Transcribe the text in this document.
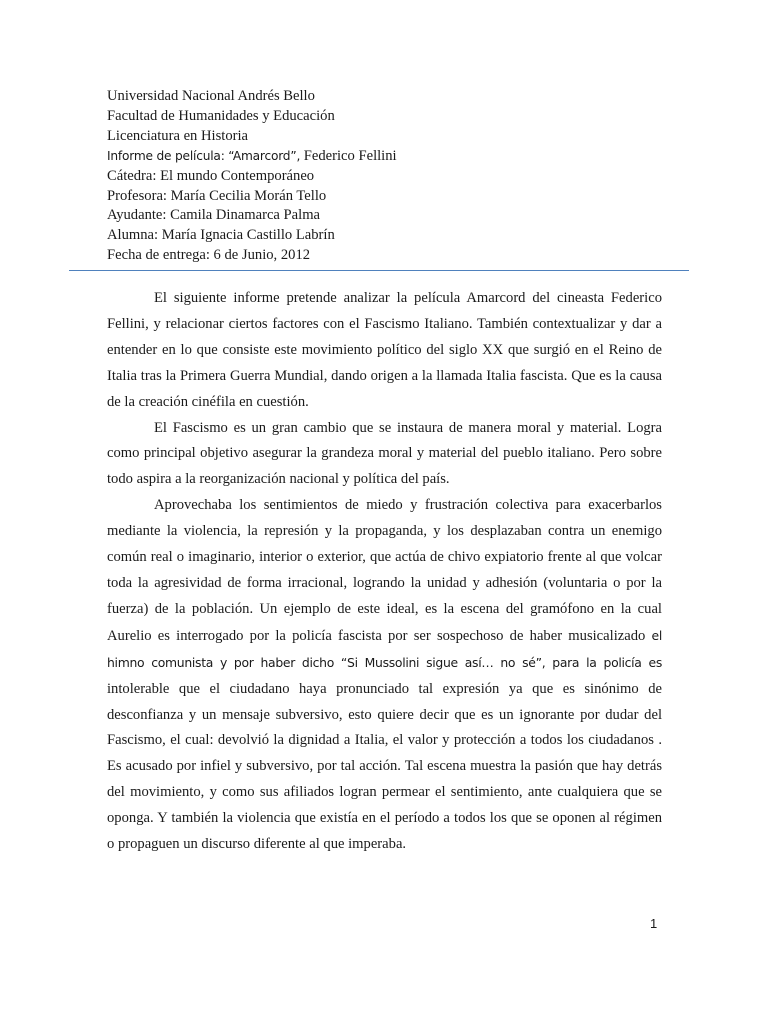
Universidad Nacional Andrés Bello
Facultad de Humanidades y Educación
Licenciatura en Historia
Informe de película: “Amarcord”, Federico Fellini
Cátedra: El mundo Contemporáneo
Profesora: María Cecilia Morán Tello
Ayudante: Camila Dinamarca Palma
Alumna: María Ignacia Castillo Labrín
Fecha de entrega: 6 de Junio, 2012

El siguiente informe pretende analizar la película Amarcord del cineasta Federico Fellini, y relacionar ciertos factores con el Fascismo Italiano. También contextualizar y dar a entender en lo que consiste este movimiento político del siglo XX que surgió en el Reino de Italia tras la Primera Guerra Mundial, dando origen a la llamada Italia fascista. Que es la causa de la creación cinéfila en cuestión.

El Fascismo es un gran cambio que se instaura de manera moral y material. Logra como principal objetivo asegurar la grandeza moral y material del pueblo italiano. Pero sobre todo aspira a la reorganización nacional y política del país.

Aprovechaba los sentimientos de miedo y frustración colectiva para exacerbarlos mediante la violencia, la represión y la propaganda, y los desplazaban contra un enemigo común real o imaginario, interior o exterior, que actúa de chivo expiatorio frente al que volcar toda la agresividad de forma irracional, logrando la unidad y adhesión (voluntaria o por la fuerza) de la población. Un ejemplo de este ideal, es la escena del gramófono en la cual Aurelio es interrogado por la policía fascista por ser sospechoso de haber musicalizado el himno comunista y por haber dicho “Si Mussolini sigue así… no sé”, para la policía es intolerable que el ciudadano haya pronunciado tal expresión ya que es sinónimo de desconfianza y un mensaje subversivo, esto quiere decir que es un ignorante por dudar del Fascismo, el cual: devolvió la dignidad a Italia, el valor y protección a todos los ciudadanos . Es acusado por infiel y subversivo, por tal acción. Tal escena muestra la pasión que hay detrás del movimiento, y como sus afiliados logran permear el sentimiento, ante cualquiera que se oponga. Y también la violencia que existía en el período a todos los que se oponen al régimen o propaguen un discurso diferente al que imperaba.

1
